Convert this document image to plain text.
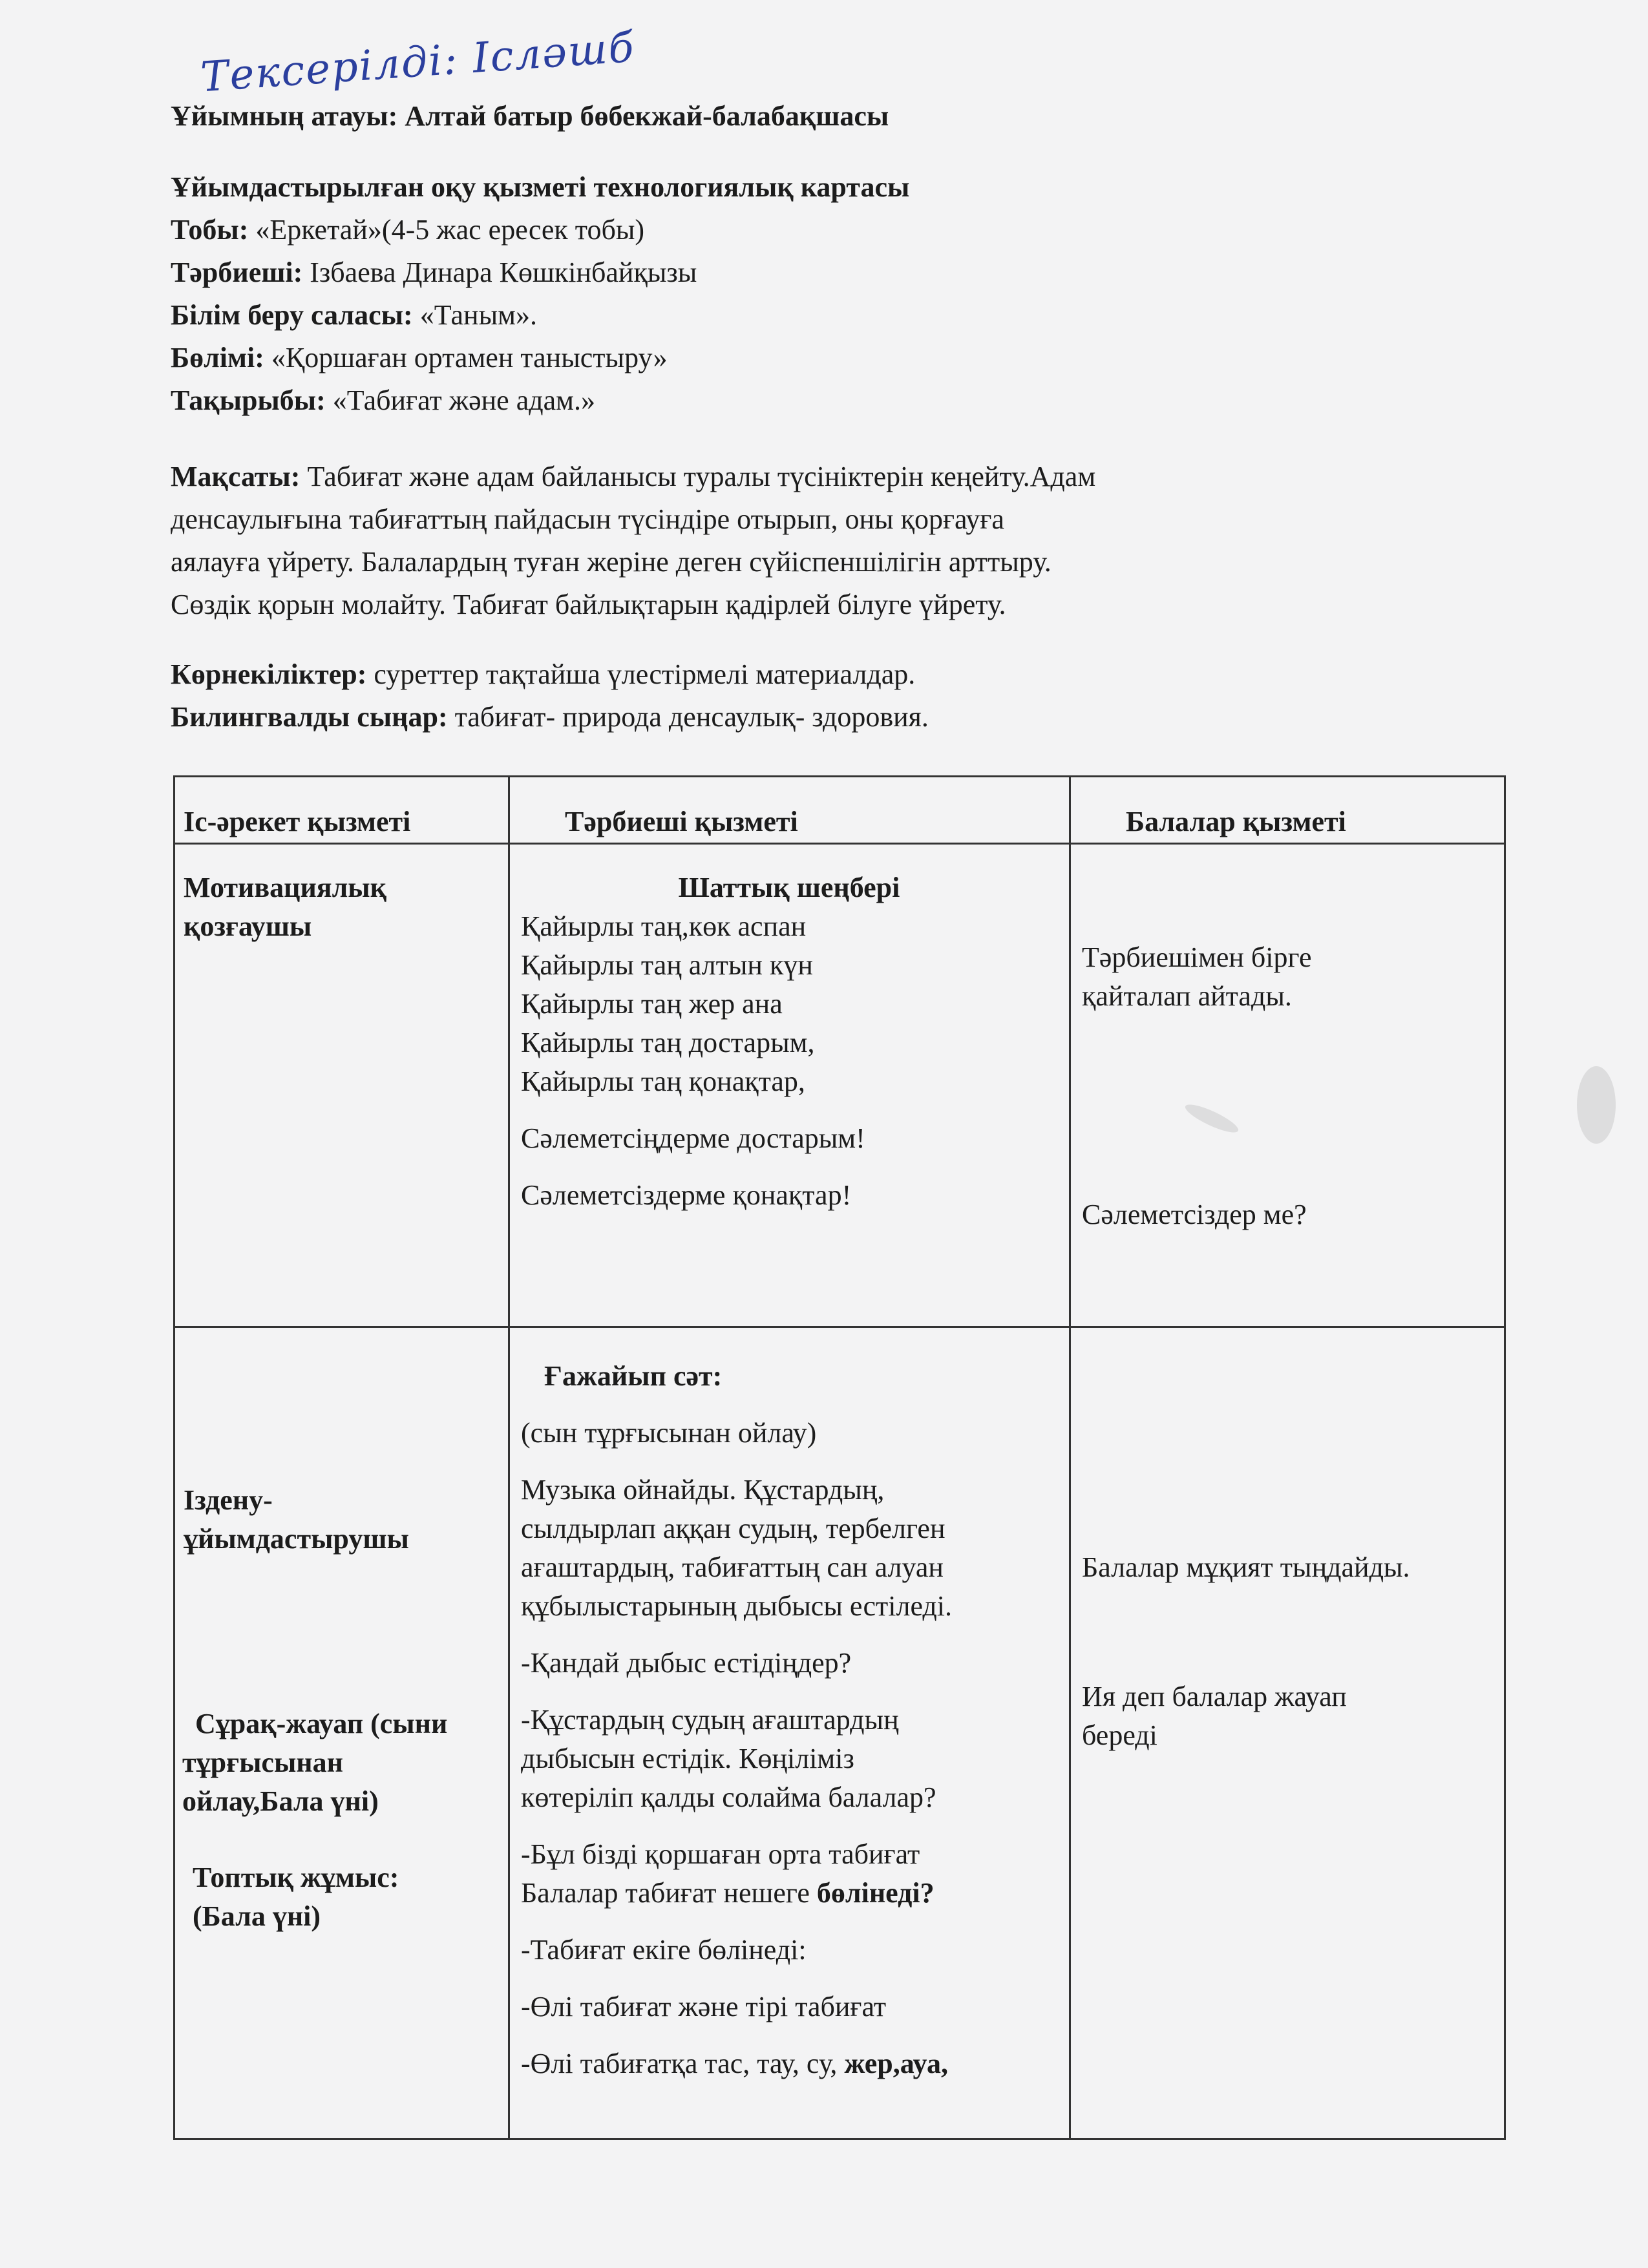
Тексерілді: Ісләшб
Ұйымның атауы: Алтай батыр бөбекжай-балабақшасы
Ұйымдастырылған оқу қызметі технологиялық картасы
Тобы: «Еркетай»(4-5 жас ересек тобы)
Тәрбиеші: Ізбаева Динара Көшкінбайқызы
Білім беру саласы: «Таным».
Бөлімі: «Қоршаған ортамен таныстыру»
Тақырыбы: «Табиғат және адам.»
Мақсаты: Табиғат және адам байланысы туралы түсініктерін кеңейту.Адам
денсаулығына табиғаттың пайдасын түсіндіре отырып, оны қорғауға
аялауға үйрету. Балалардың туған жеріне деген сүйіспеншілігін арттыру.
Сөздік қорын молайту. Табиғат байлықтарын қадірлей білуге үйрету.
Көрнекіліктер: суреттер тақтайша үлестірмелі материалдар.
Билингвалды сыңар: табиғат- природа денсаулық- здоровия.
Іс-әрекет қызметі	Тәрбиеші қызметі	Балалар қызметі

Мотивациялық

қозғаушы

Шаттық шеңбері

Қайырлы таң,көк аспан

Қайырлы таң алтын күн

Қайырлы таң жер ана

Қайырлы таң достарым,

Қайырлы таң қонақтар,

Сәлеметсіңдерме достарым!

Сәлеметсіздерме қонақтар!

Тәрбиешімен бірге

қайталап айтады.

Сәлеметсіздер ме?

Іздену-

ұйымдастырушы

Сұрақ-жауап (сыни

тұрғысынан

ойлау,Бала үні)

Топтық жұмыс:

(Бала үні)

Ғажайып сәт:

(сын тұрғысынан ойлау)

Музыка ойнайды. Құстардың,

сылдырлап аққан судың, тербелген

ағаштардың, табиғаттың сан алуан

құбылыстарының дыбысы естіледі.

-Қандай дыбыс естідіңдер?

-Құстардың судың ағаштардың

дыбысын естідік. Көңіліміз

көтеріліп қалды солайма балалар?

-Бұл бізді қоршаған орта табиғат

Балалар табиғат нешеге бөлінеді?

-Табиғат екіге бөлінеді:

-Өлі табиғат және тірі табиғат

-Өлі табиғатқа тас, тау, су, жер,ауа,

Балалар мұқият тыңдайды.

Ия деп балалар жауап

береді
